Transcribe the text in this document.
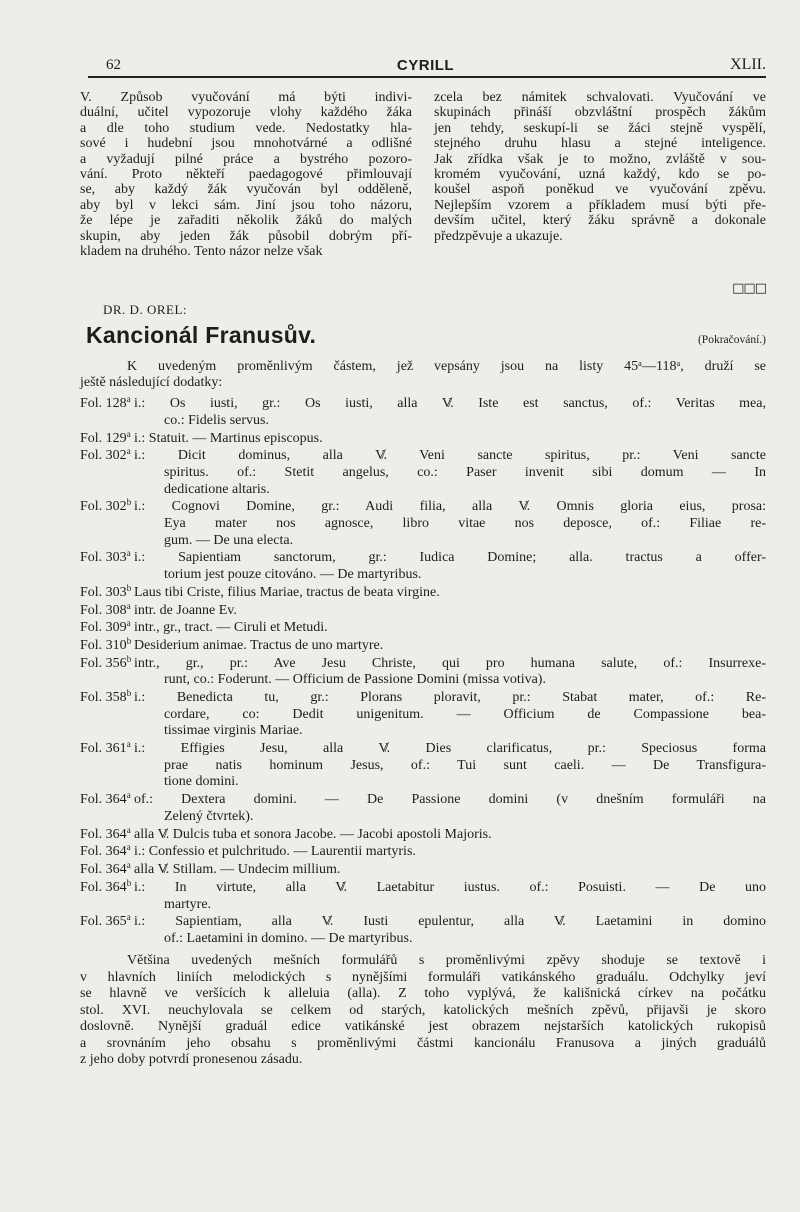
62	CYRILL	XLII.
V. Způsob vyučování má býti indivi-
duální, učitel vypozoruje vlohy každého žáka
a dle toho studium vede. Nedostatky hla-
sové i hudební jsou mnohotvárné a odlišné
a vyžadují pilné práce a bystrého pozoro-
vání. Proto někteří paedagogové přimlouvají
se, aby každý žák vyučován byl odděleně,
aby byl v lekci sám. Jiní jsou toho názoru,
že lépe je zařaditi několik žáků do malých
skupin, aby jeden žák působil dobrým pří-
kladem na druhého. Tento názor nelze však
zcela bez námitek schvalovati. Vyučování ve
skupinách přináší obzvláštní prospěch žákům
jen tehdy, seskupí-li se žáci stejně vyspělí,
stejného druhu hlasu a stejné inteligence.
Jak zřídka však je to možno, zvláště v sou-
kromém vyučování, uzná každý, kdo se po-
koušel aspoň poněkud ve vyučování zpěvu.
Nejlepším vzorem a příkladem musí býti pře-
devším učitel, který žáku správně a dokonale
předzpěvuje a ukazuje.
□□□
DR. D. OREL:
Kancionál Franusův.	(Pokračování.)
K uvedeným proměnlivým částem, jež vepsány jsou na listy 45ᵃ—118ᵃ, druží se
ještě následující dodatky:
Fol. 128$^a$ i.: Os iusti, gr.: Os iusti, alla V̸. Iste est sanctus, of.: Veritas mea,
co.: Fidelis servus.
Fol. 129$^a$ i.: Statuit. — Martinus episcopus.
Fol. 302$^a$ i.: Dicit dominus, alla V̸. Veni sancte spiritus, pr.: Veni sancte
spiritus. of.: Stetit angelus, co.: Paser invenit sibi domum — In
dedicatione altaris.
Fol. 302$^b$ i.: Cognovi Domine, gr.: Audi filia, alla V̸. Omnis gloria eius, prosa:
Eya mater nos agnosce, libro vitae nos deposce, of.: Filiae re-
gum. — De una electa.
Fol. 303$^a$ i.: Sapientiam sanctorum, gr.: Iudica Domine; alla. tractus a offer-
torium jest pouze citováno. — De martyribus.
Fol. 303$^b$ Laus tibi Criste, filius Mariae, tractus de beata virgine.
Fol. 308$^a$ intr. de Joanne Ev.
Fol. 309$^a$ intr., gr., tract. — Ciruli et Metudi.
Fol. 310$^b$ Desiderium animae. Tractus de uno martyre.
Fol. 356$^b$ intr., gr., pr.: Ave Jesu Christe, qui pro humana salute, of.: Insurrexe-
runt, co.: Foderunt. — Officium de Passione Domini (missa votiva).
Fol. 358$^b$ i.: Benedicta tu, gr.: Plorans ploravit, pr.: Stabat mater, of.: Re-
cordare, co: Dedit unigenitum. — Officium de Compassione bea-
tissimae virginis Mariae.
Fol. 361$^a$ i.: Effigies Jesu, alla V̸. Dies clarificatus, pr.: Speciosus forma
prae natis hominum Jesus, of.: Tui sunt caeli. — De Transfigura-
tione domini.
Fol. 364$^a$ of.: Dextera domini. — De Passione domini (v dnešním formuláři na
Zelený čtvrtek).
Fol. 364$^a$ alla V̸. Dulcis tuba et sonora Jacobe. — Jacobi apostoli Majoris.
Fol. 364$^a$ i.: Confessio et pulchritudo. — Laurentii martyris.
Fol. 364$^a$ alla V̸. Stillam. — Undecim millium.
Fol. 364$^b$ i.: In virtute, alla V̸. Laetabitur iustus. of.: Posuisti. — De uno
martyre.
Fol. 365$^a$ i.: Sapientiam, alla V̸. Iusti epulentur, alla V̸. Laetamini in domino
of.: Laetamini in domino. — De martyribus.
Většina uvedených mešních formulářů s proměnlivými zpěvy shoduje se textově i
v hlavních liniích melodických s nynějšími formuláři vatikánského graduálu. Odchylky jeví
se hlavně ve veršících k alleluia (alla). Z toho vyplývá, že kališnická církev na počátku
stol. XVI. neuchylovala se celkem od starých, katolických mešních zpěvů, přijavši je skoro
doslovně. Nynější graduál edice vatikánské jest obrazem nejstarších katolických rukopisů
a srovnáním jeho obsahu s proměnlivými částmi kancionálu Franusova a jiných graduálů
z jeho doby potvrdí pronesenou zásadu.
